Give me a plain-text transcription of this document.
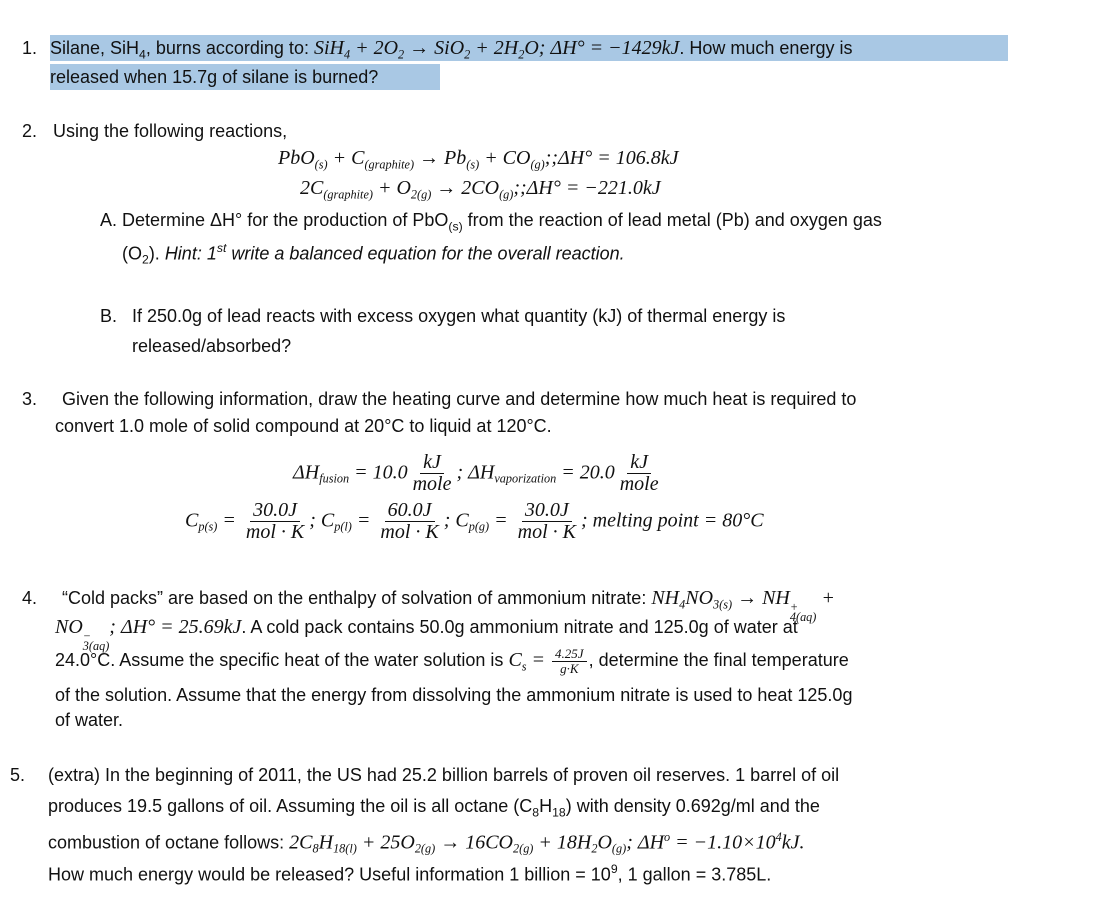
1. Silane, SiH$_4$, burns according to: $SiH_4 + 2O_2 \to SiO_2 + 2H_2O$; ΔH° = −1429kJ. How much energy is
released when 15.7g of silane is burned?
2. Using the following reactions,
$PbO_{(s)} + C_{(graphite)} \to Pb_{(s)}$ + $CO_{(g)};;\Delta H^\circ = 106.8kJ$
$2C_{(graphite)} + O_{2(g)}$ → $2CO_{(g)};;\Delta H^\circ = -221.0kJ$
A. Determine ΔH° for the production of PbO$_{(s)}$ from the reaction of lead metal (Pb) and oxygen gas
$(O_2)$. Hint: 1st write a balanced equation for the overall reaction.
B. If 250.0g of lead reacts with excess oxygen what quantity (kJ) of thermal energy is
released/absorbed?
3. Given the following information, draw the heating curve and determine how much heat is required to
convert 1.0 mole of solid compound at 20°C to liquid at 120°C.
$\Delta H_{fusion} = 10.0 \frac{kJ}{\text{mole}}$ ; $\Delta H_{vaporization} = 20.0 \frac{kJ}{\text{mole}}$
$C_{p(s)} = \frac{30.0J}{\text{mol · K}}$ ; $C_{p(l)} = \frac{60.0J}{\text{mol · K}}$ ; $C_{p(g)} = \frac{30.0J}{\text{mol · K}}$ ; melting point = 80°C
4. “Cold packs” are based on the enthalpy of solvation of ammonium nitrate: $NH_4NO_{3(s)}$ → NH +
4(aq)
+
NO −
3(aq)
; ΔH° = 25.69kJ. A cold pack contains 50.0g ammonium nitrate and 125.0g of water at
24.0°C. Assume the specific heat of the water solution is $C_s = \frac{4.25J}{g\cdot K}$ , determine the final temperature
of the solution. Assume that the energy from dissolving the ammonium nitrate is used to heat 125.0g
of water.
5. (extra) In the beginning of 2011, the US had 25.2 billion barrels of proven oil reserves. 1 barrel of oil
produces 19.5 gallons of oil. Assuming the oil is all octane $(C_8H_{18})$ with density 0.692g/ml and the
combustion of octane follows: $2C_8H_{18(l)} + 25O_{2(g)} \to 16CO_{2(g)} + 18H_2O_{(g)}$; $\Delta H^o = -1.10\times 10^4kJ$.
How much energy would be released? Useful information 1 billion = $10^9$, 1 gallon = 3.785L.
